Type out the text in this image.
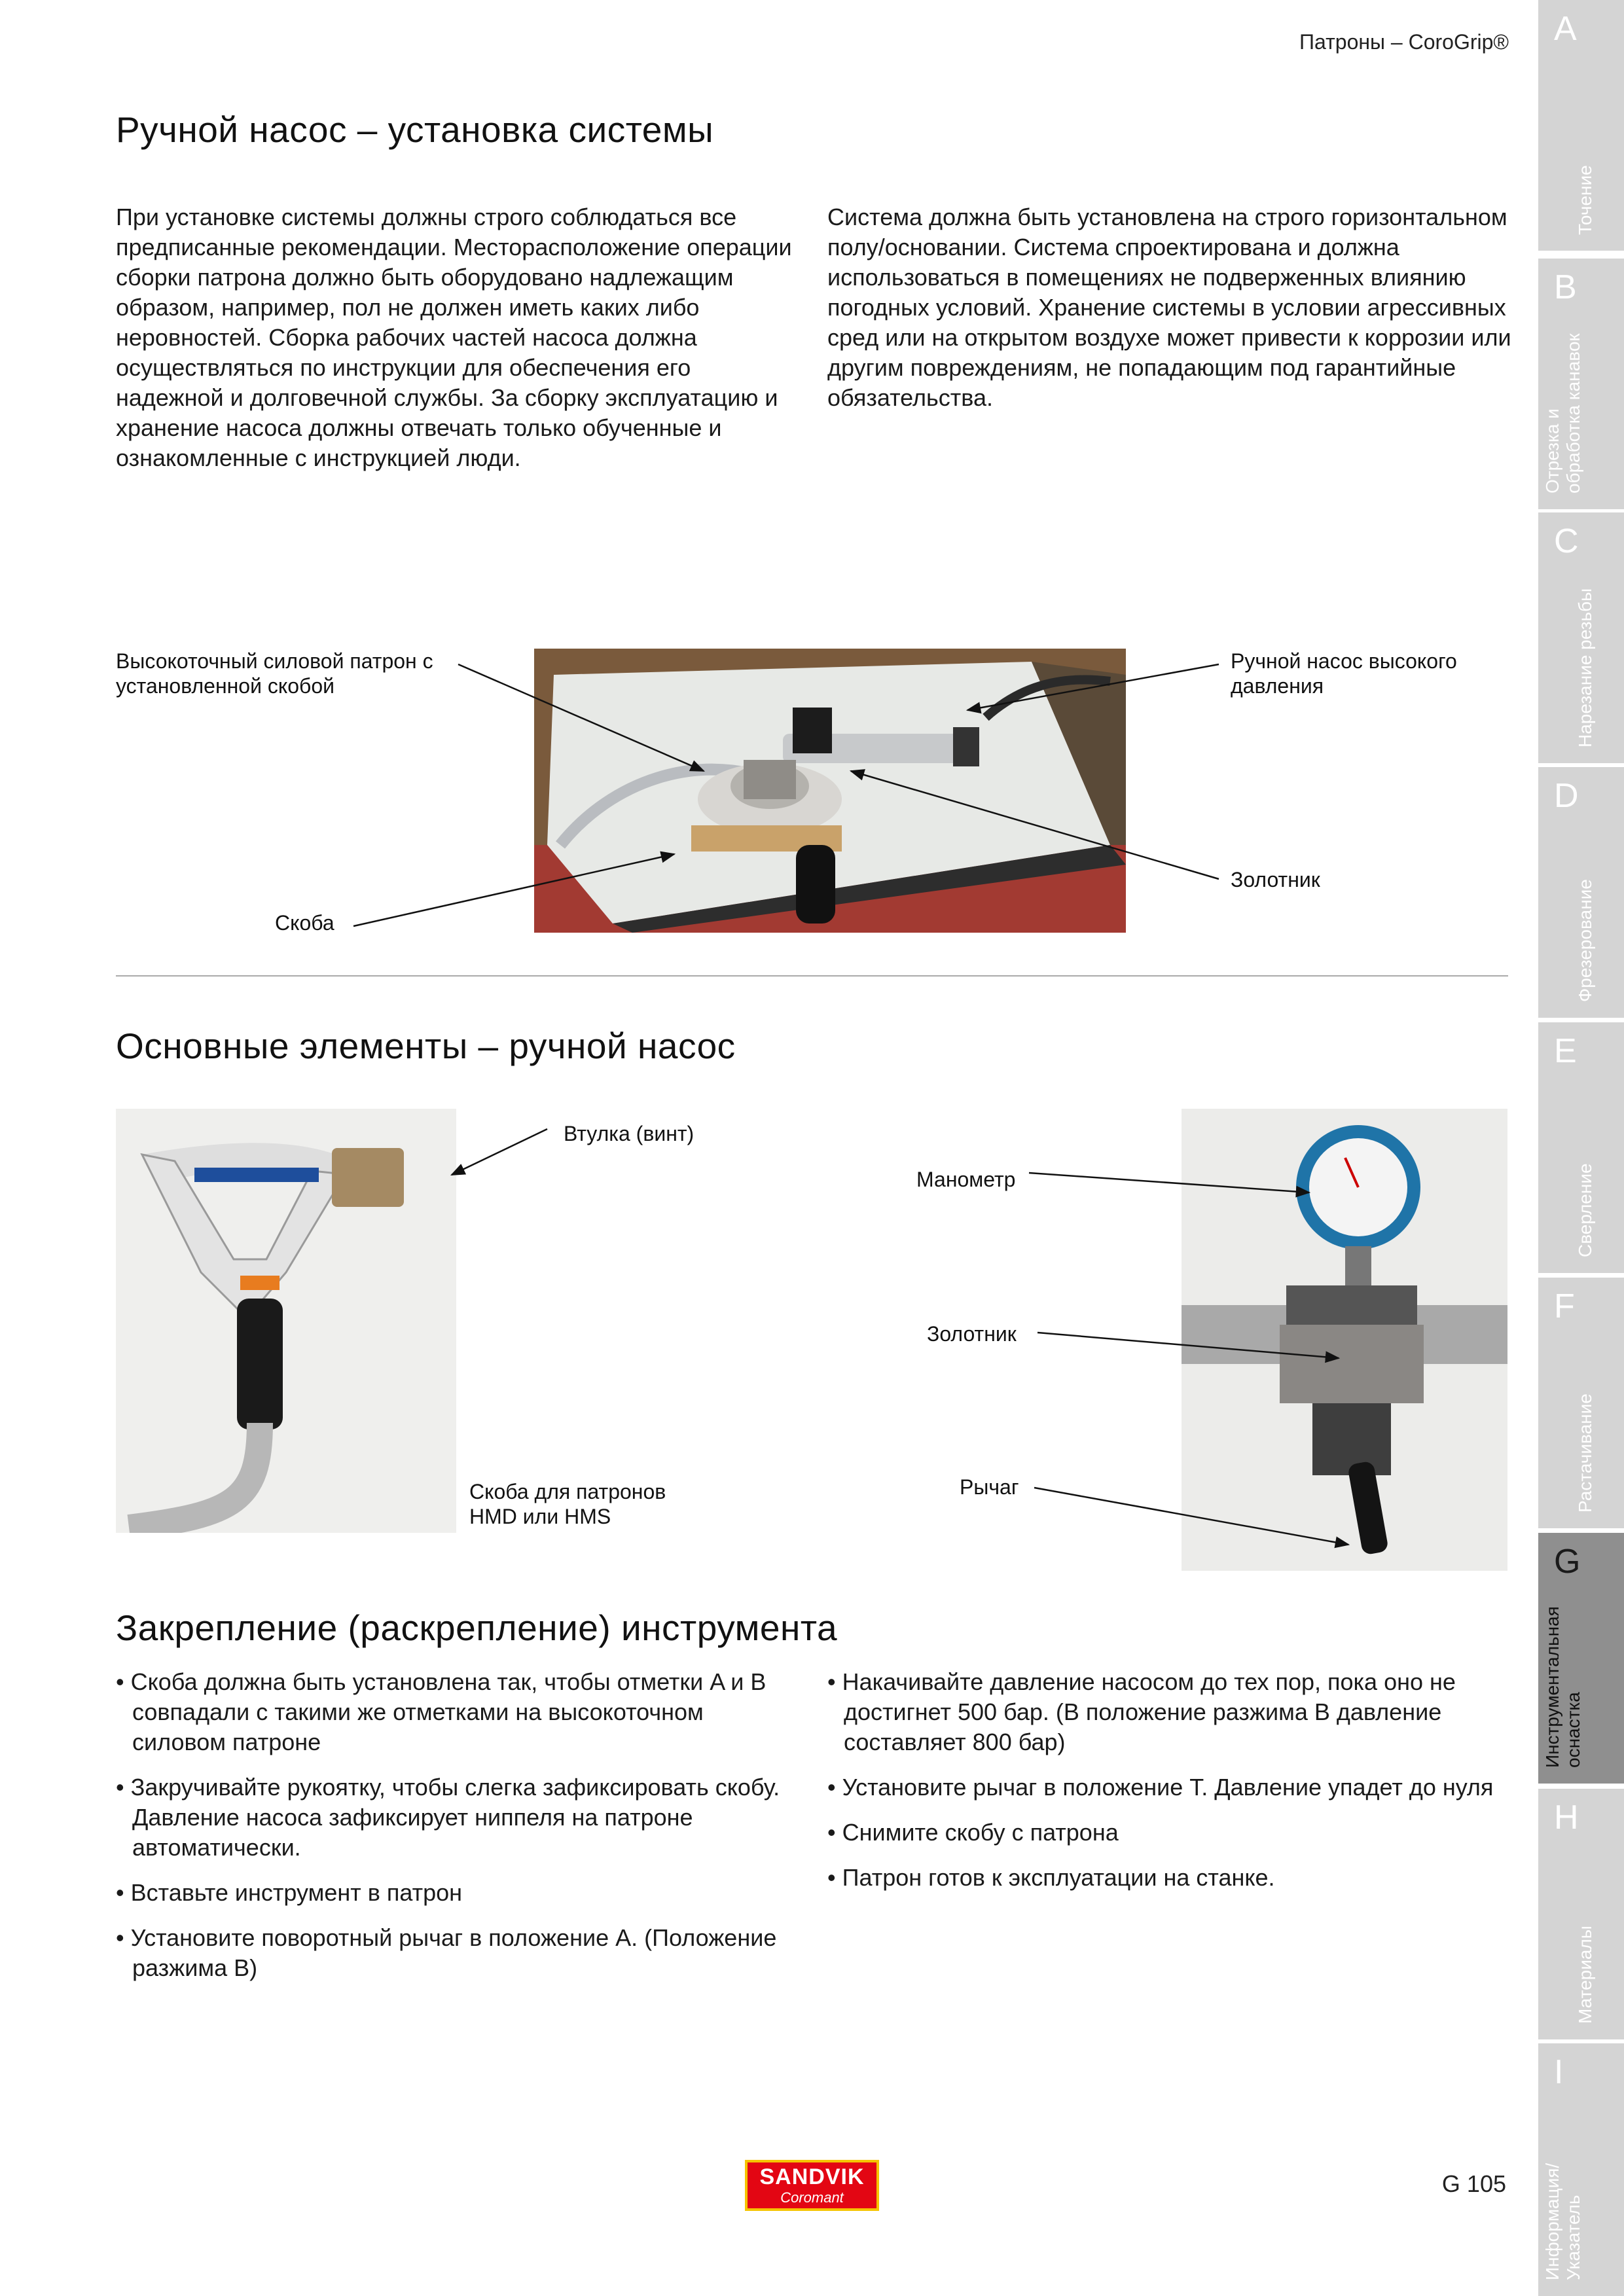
Патроны – CoroGrip®
Ручной насос – установка системы

При установке системы должны строго соблюдаться все предписанные рекомендации. Месторасположение операции сборки патрона должно быть оборудовано надлежащим образом, например, пол не должен иметь каких либо неровностей. Сборка рабочих частей насоса должна осуществляться по инструкции для обеспечения его надежной и долговечной службы. За сборку эксплуатацию и хранение насоса должны отвечать только обученные и ознакомленные с инструкцией люди.

Система должна быть установлена на строго горизонтальном полу/основании. Система спроектирована и должна использоваться в помещениях не подверженных влиянию погодных условий. Хранение системы в условии агрессивных сред или на открытом воздухе может привести к коррозии или другим повреждениям, не попадающим под гарантийные обязательства.

Высокоточный силовой патрон с установленной скобой
Скоба
Ручной насос высокого давления
Золотник
Основные элементы – ручной насос
Втулка (винт)
Скоба для патронов HMD или HMS
Манометр
Золотник
Рычаг
Закрепление (раскрепление) инструмента
• Скоба должна быть установлена так, чтобы отметки A и B совпадали с такими же отметками на высокоточном силовом патроне
• Закручивайте рукоятку, чтобы слегка зафиксировать скобу. Давление насоса зафиксирует ниппеля на патроне автоматически.
• Вставьте инструмент в патрон
• Установите поворотный рычаг в положение A. (Положение разжима B)
• Накачивайте давление насосом до тех пор, пока оно не достигнет 500 бар. (В положение разжима B давление составляет 800 бар)
• Установите рычаг в положение T. Давление упадет до нуля
• Снимите скобу с патрона
• Патрон готов к эксплуатации на станке.
A
Точение
B
Отрезка и обработка канавок
C
Нарезание резьбы
D
Фрезерование
E
Сверление
F
Растачивание
G
Инструментальная оснастка
H
Материалы
I
Информация/ Указатель
SANDVIK
Coromant
G 105
